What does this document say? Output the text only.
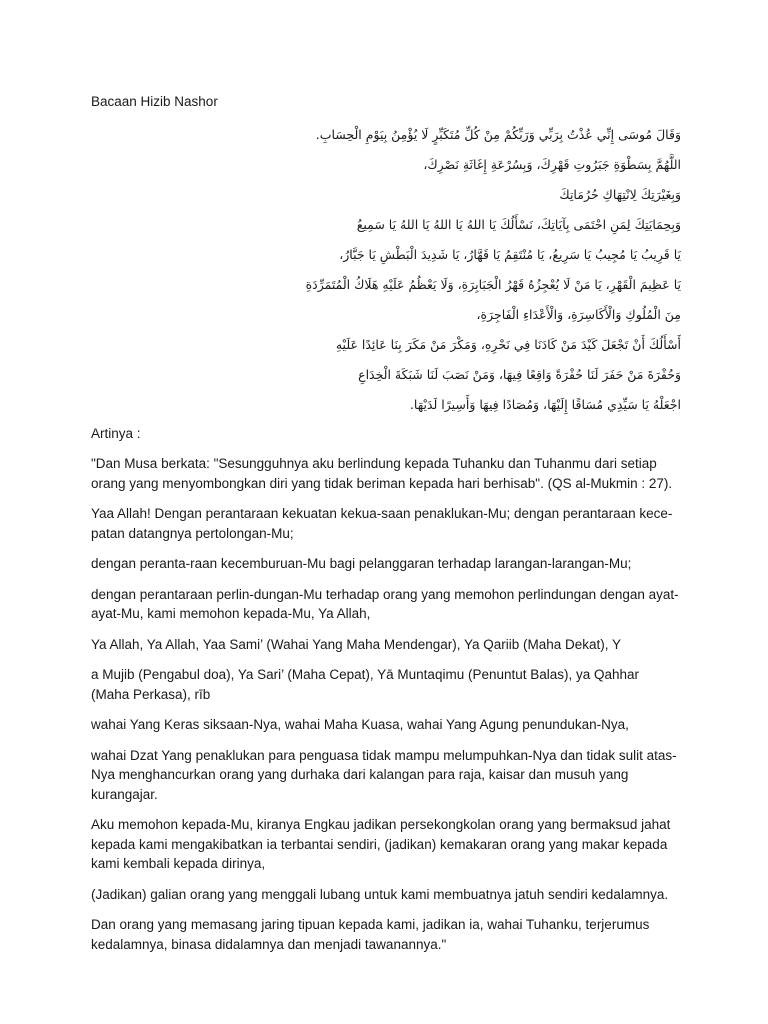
Bacaan Hizib Nashor
وَقَالَ مُوسَى إِنِّي عُذْتُ بِرَبِّي وَرَبِّكُمْ مِنْ كُلِّ مُتَكَبِّرٍ لَا يُؤْمِنُ بِيَوْمِ الْحِسَابِ.
اللَّهُمَّ بِسَطْوَةِ جَبَرُوتِ قَهْرِكَ، وَبِسُرْعَةِ إِغَاثَةِ نَصْرِكَ،
وَبِغَيْرَتِكَ لِانْتِهَاكِ حُرُمَاتِكَ
وَبِحِمَايَتِكَ لِمَنِ احْتَمَى بِآيَاتِكَ، نَسْأَلُكَ يَا اللهُ يَا اللهُ يَا اللهُ يَا سَمِيعُ
يَا قَرِيبُ يَا مُجِيبُ يَا سَرِيعُ، يَا مُنْتَقِمُ يَا قَهَّارُ، يَا شَدِيدَ الْبَطْشِ يَا جَبَّارُ،
يَا عَظِيمَ الْقَهْرِ، يَا مَنْ لَا يُعْجِزُهُ قَهْرُ الْجَبَابِرَةِ، وَلَا يَعْظُمُ عَلَيْهِ هَلَاكُ الْمُتَمَرِّدَةِ
مِنَ الْمُلُوكِ وَالْأَكَاسِرَةِ، وَالْأَعْدَاءِ الْفَاجِرَةِ،
أَسْأَلُكَ أَنْ تَجْعَلَ كَيْدَ مَنْ كَادَنَا فِي نَحْرِهِ، وَمَكْرَ مَنْ مَكَرَ بِنَا عَائِدًا عَلَيْهِ
وَحُفْرَةَ مَنْ حَفَرَ لَنَا حُفْرَةً وَاقِعًا فِيهَا، وَمَنْ نَصَبَ لَنَا شَبَكَةَ الْخِدَاعِ
اجْعَلْهُ يَا سَيِّدِي مُسَاقًا إِلَيْهَا، وَمُصَادًا فِيهَا وَأَسِيرًا لَدَيْهَا.
Artinya :

"Dan Musa berkata: "Sesungguhnya aku berlindung kepada Tuhanku dan Tuhanmu dari setiap orang yang menyombongkan diri yang tidak beriman kepada hari berhisab". (QS al-Mukmin : 27).

Yaa Allah! Dengan perantaraan kekuatan kekua-saan penaklukan-Mu; dengan perantaraan kece-patan datangnya pertolongan-Mu;

dengan peranta-raan kecemburuan-Mu bagi pelanggaran terhadap larangan-larangan-Mu;

dengan perantaraan perlin-dungan-Mu terhadap orang yang memohon perlindungan dengan ayat-ayat-Mu, kami memohon kepada-Mu, Ya Allah,

Ya Allah, Ya Allah, Yaa Sami’ (Wahai Yang Maha Mendengar), Ya Qariib (Maha Dekat), Y

a Mujib (Pengabul doa), Ya Sari’ (Maha Cepat), Yā Muntaqimu (Penuntut Balas), ya Qahhar (Maha Perkasa), rīb

wahai Yang Keras siksaan-Nya, wahai Maha Kuasa, wahai Yang Agung penundukan-Nya,

wahai Dzat Yang penaklukan para penguasa tidak mampu melumpuhkan-Nya dan tidak sulit atas-Nya menghancurkan orang yang durhaka dari kalangan para raja, kaisar dan musuh yang kurangajar.

Aku memohon kepada-Mu, kiranya Engkau jadikan persekongkolan orang yang bermaksud jahat kepada kami mengakibatkan ia terbantai sendiri, (jadikan) kemakaran orang yang makar kepada kami kembali kepada dirinya,

(Jadikan) galian orang yang menggali lubang untuk kami membuatnya jatuh sendiri kedalamnya.

Dan orang yang memasang jaring tipuan kepada kami, jadikan ia, wahai Tuhanku, terjerumus kedalamnya, binasa didalamnya dan menjadi tawanannya."
